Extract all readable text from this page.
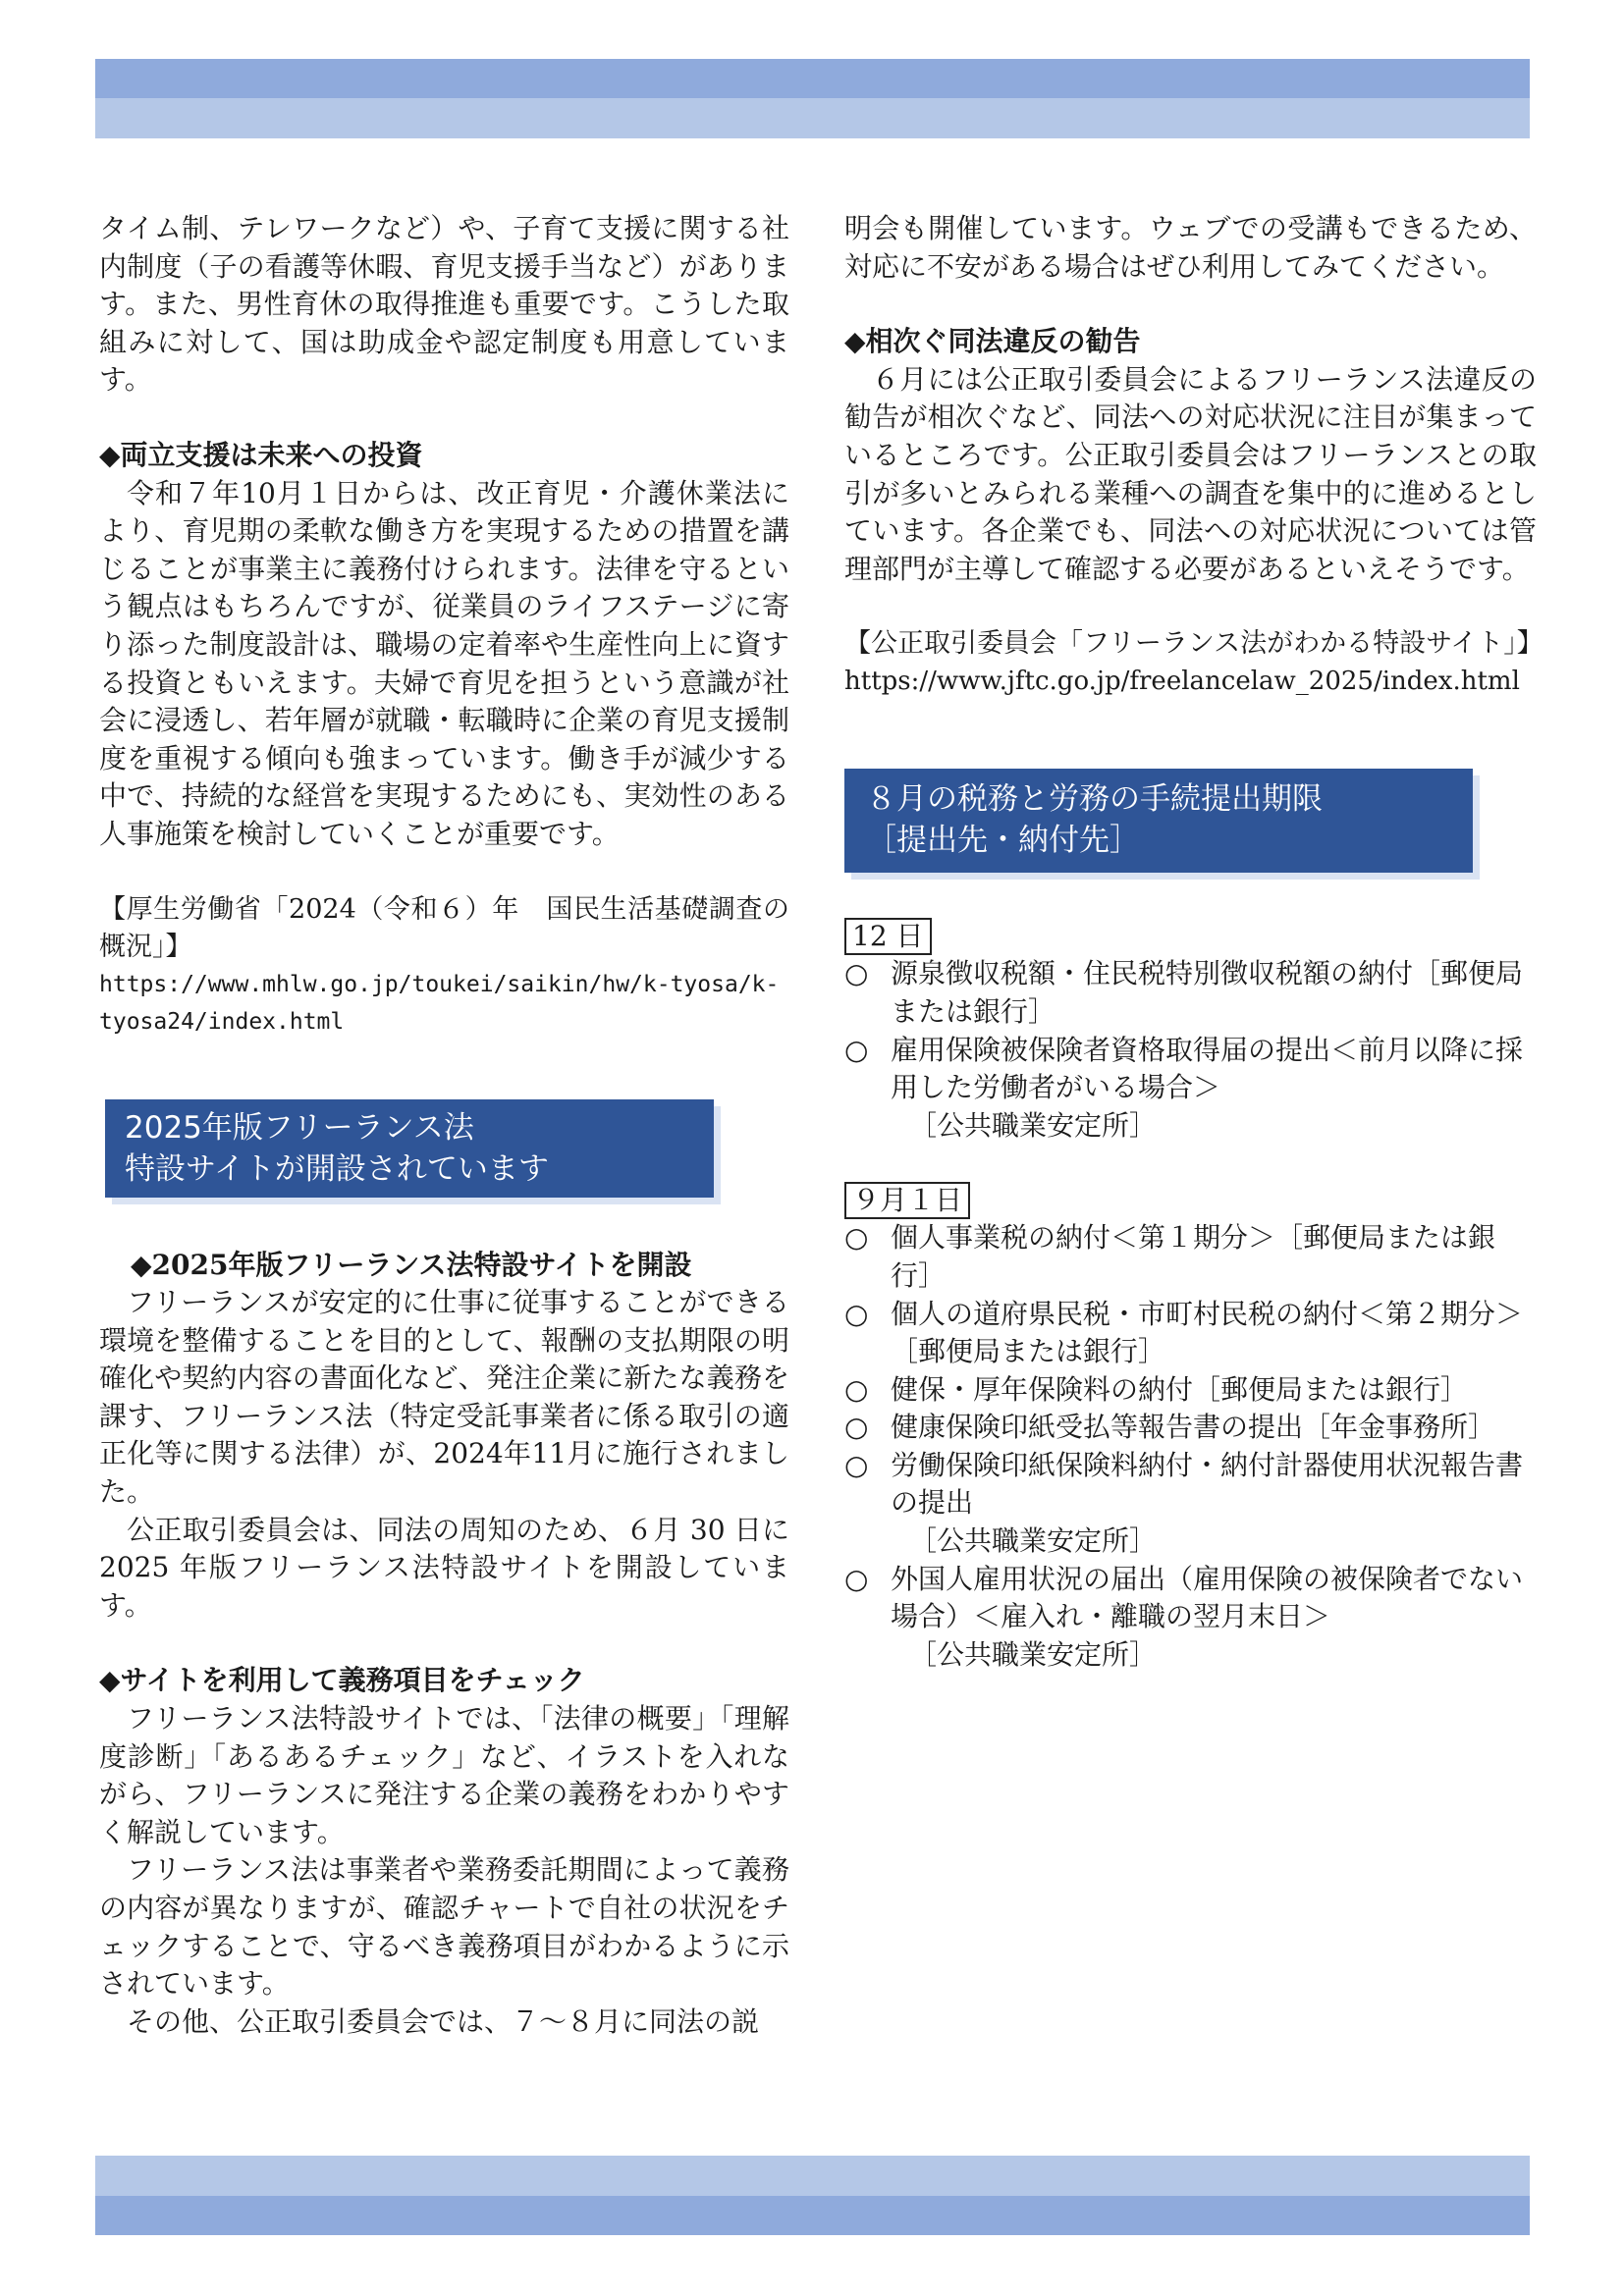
タイム制、テレワークなど）や、子育て支援に関する社内制度（子の看護等休暇、育児支援手当など）があります。また、男性育休の取得推進も重要です。こうした取組みに対して、国は助成金や認定制度も用意しています。

◆両立支援は未来への投資

令和７年10月１日からは、改正育児・介護休業法により、育児期の柔軟な働き方を実現するための措置を講じることが事業主に義務付けられます。法律を守るという観点はもちろんですが、従業員のライフステージに寄り添った制度設計は、職場の定着率や生産性向上に資する投資ともいえます。夫婦で育児を担うという意識が社会に浸透し、若年層が就職・転職時に企業の育児支援制度を重視する傾向も強まっています。働き手が減少する中で、持続的な経営を実現するためにも、実効性のある人事施策を検討していくことが重要です。

【厚生労働省「2024（令和６）年　国民生活基礎調査の概況」】

https://www.mhlw.go.jp/toukei/saikin/hw/k-tyosa/k-tyosa24/index.html

2025年版フリーランス法
特設サイトが開設されています
◆2025年版フリーランス法特設サイトを開設

フリーランスが安定的に仕事に従事することができる環境を整備することを目的として、報酬の支払期限の明確化や契約内容の書面化など、発注企業に新たな義務を課す、フリーランス法（特定受託事業者に係る取引の適正化等に関する法律）が、2024年11月に施行されました。

公正取引委員会は、同法の周知のため、６月 30 日に 2025 年版フリーランス法特設サイトを開設しています。

◆サイトを利用して義務項目をチェック

フリーランス法特設サイトでは、「法律の概要」「理解度診断」「あるあるチェック」など、イラストを入れながら、フリーランスに発注する企業の義務をわかりやすく解説しています。

フリーランス法は事業者や業務委託期間によって義務の内容が異なりますが、確認チャートで自社の状況をチェックすることで、守るべき義務項目がわかるように示されています。

その他、公正取引委員会では、７～８月に同法の説

明会も開催しています。ウェブでの受講もできるため、対応に不安がある場合はぜひ利用してみてください。

◆相次ぐ同法違反の勧告

６月には公正取引委員会によるフリーランス法違反の勧告が相次ぐなど、同法への対応状況に注目が集まっているところです。公正取引委員会はフリーランスとの取引が多いとみられる業種への調査を集中的に進めるとしています。各企業でも、同法への対応状況については管理部門が主導して確認する必要があるといえそうです。

【公正取引委員会「フリーランス法がわかる特設サイト」】

https://www.jftc.go.jp/freelancelaw_2025/index.html

８月の税務と労務の手続提出期限
［提出先・納付先］
12 日
○ 源泉徴収税額・住民税特別徴収税額の納付［郵便局または銀行］
○ 雇用保険被保険者資格取得届の提出＜前月以降に採用した労働者がいる場合＞
［公共職業安定所］
９月１日
○ 個人事業税の納付＜第１期分＞［郵便局または銀行］
○ 個人の道府県民税・市町村民税の納付＜第２期分＞［郵便局または銀行］
○ 健保・厚年保険料の納付［郵便局または銀行］
○ 健康保険印紙受払等報告書の提出［年金事務所］
○ 労働保険印紙保険料納付・納付計器使用状況報告書の提出
［公共職業安定所］
○ 外国人雇用状況の届出（雇用保険の被保険者でない場合）＜雇入れ・離職の翌月末日＞
［公共職業安定所］
